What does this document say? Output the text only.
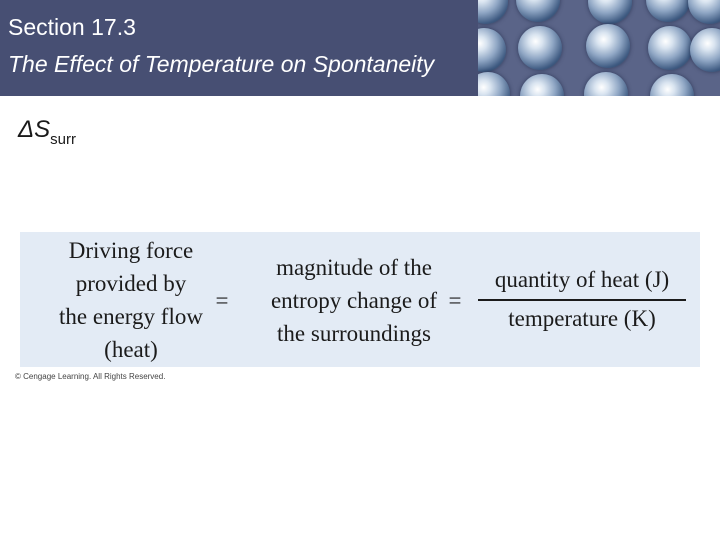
Section 17.3
The Effect of Temperature on Spontaneity
$\Delta S_{surr}$
Driving force
provided by
the energy flow
(heat)
=
magnitude of the
entropy change of
the surroundings
=
quantity of heat (J)
temperature (K)
© Cengage Learning. All Rights Reserved.
